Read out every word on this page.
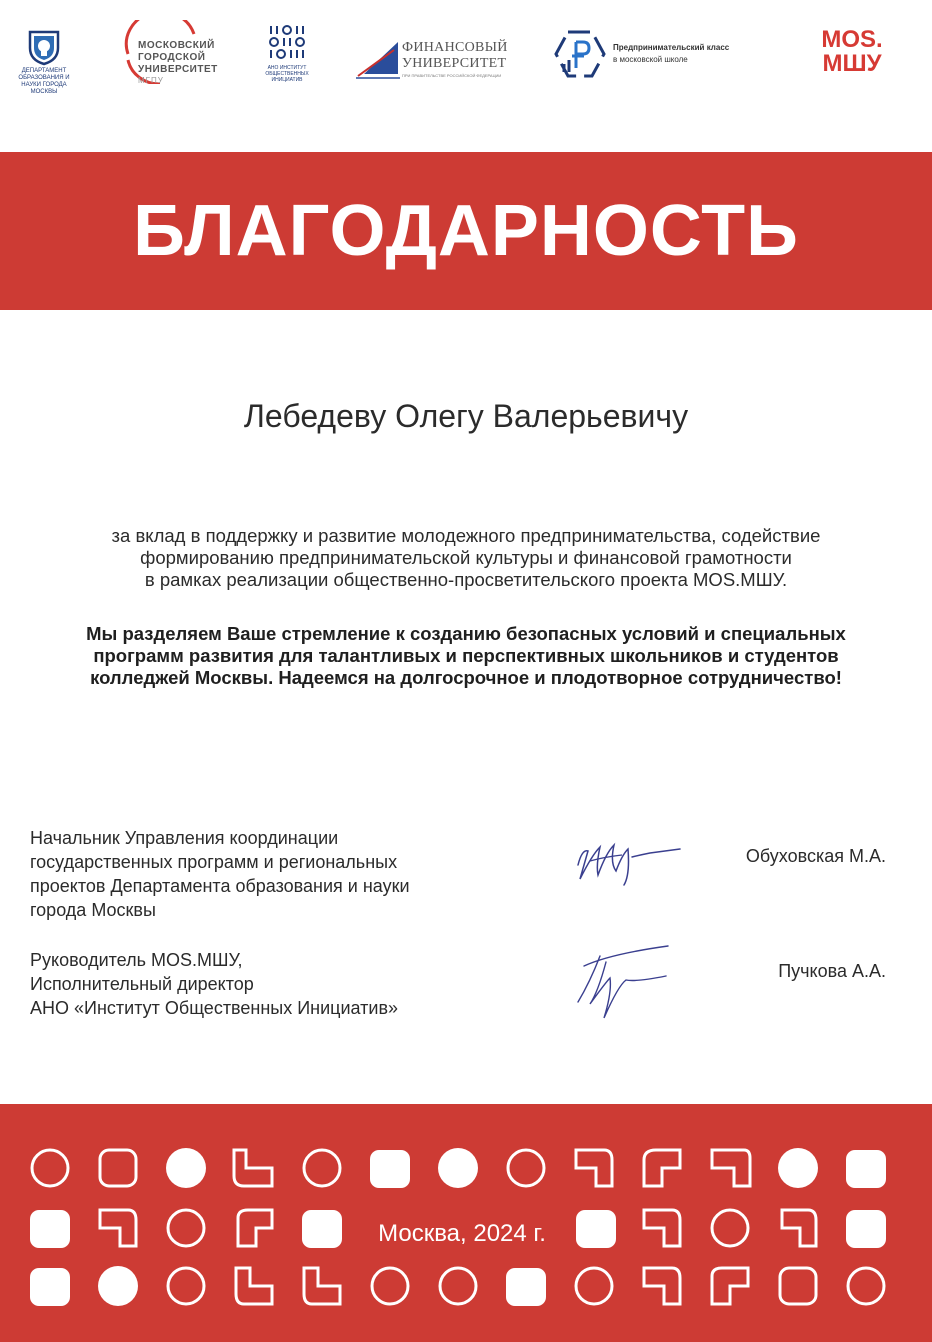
ДЕПАРТАМЕНТ ОБРАЗОВАНИЯ И НАУКИ ГОРОДА МОСКВЫ
МОСКОВСКИЙ
ГОРОДСКОЙ
УНИВЕРСИТЕТ
МГПУ
АНО ИНСТИТУТ ОБЩЕСТВЕННЫХ ИНИЦИАТИВ
ФИНАНСОВЫЙ
УНИВЕРСИТЕТ
ПРИ ПРАВИТЕЛЬСТВЕ РОССИЙСКОЙ ФЕДЕРАЦИИ
Предпринимательский класс
в московской школе
MOS.
МШУ
БЛАГОДАРНОСТЬ
Лебедеву Олегу Валерьевичу
за вклад в поддержку и развитие молодежного предпринимательства, содействие
формированию предпринимательской культуры и финансовой грамотности
в рамках реализации общественно-просветительского проекта MOS.МШУ.
Мы разделяем Ваше стремление к созданию безопасных условий и специальных
программ развития для талантливых и перспективных школьников и студентов
колледжей Москвы. Надеемся на долгосрочное и плодотворное сотрудничество!
Начальник Управления координации
государственных программ и региональных
проектов Департамента образования и науки
города Москвы
Обуховская М.А.
Руководитель MOS.МШУ,
Исполнительный директор
АНО «Институт Общественных Инициатив»
Пучкова А.А.
Москва, 2024 г.
